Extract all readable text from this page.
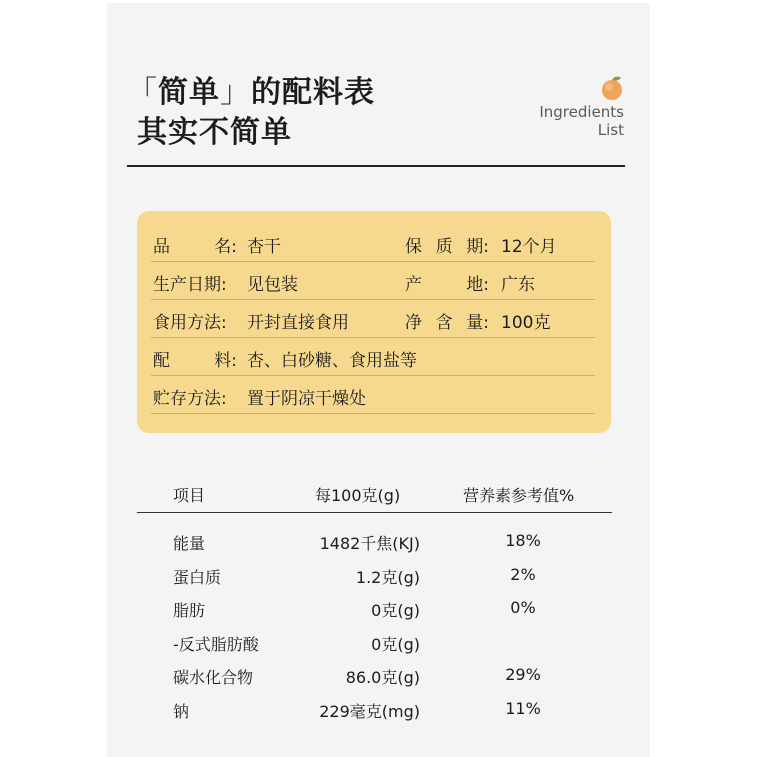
「简单」的配料表
其实不简单
Ingredients
List
品	名: 杏干	保 质 期: 12个月
生产日期: 见包装	产	地: 广东
食用方法: 开封直接食用	净 含 量: 100克
配	料: 杏、白砂糖、食用盐等
贮存方法: 置于阴凉干燥处
项目	每100克(g)	营养素参考值%
能量	1482千焦(KJ)	18%
蛋白质	1.2克(g)	2%
脂肪	0克(g)	0%
-反式脂肪酸	0克(g)
碳水化合物	86.0克(g)	29%
钠	229毫克(mg)	11%
